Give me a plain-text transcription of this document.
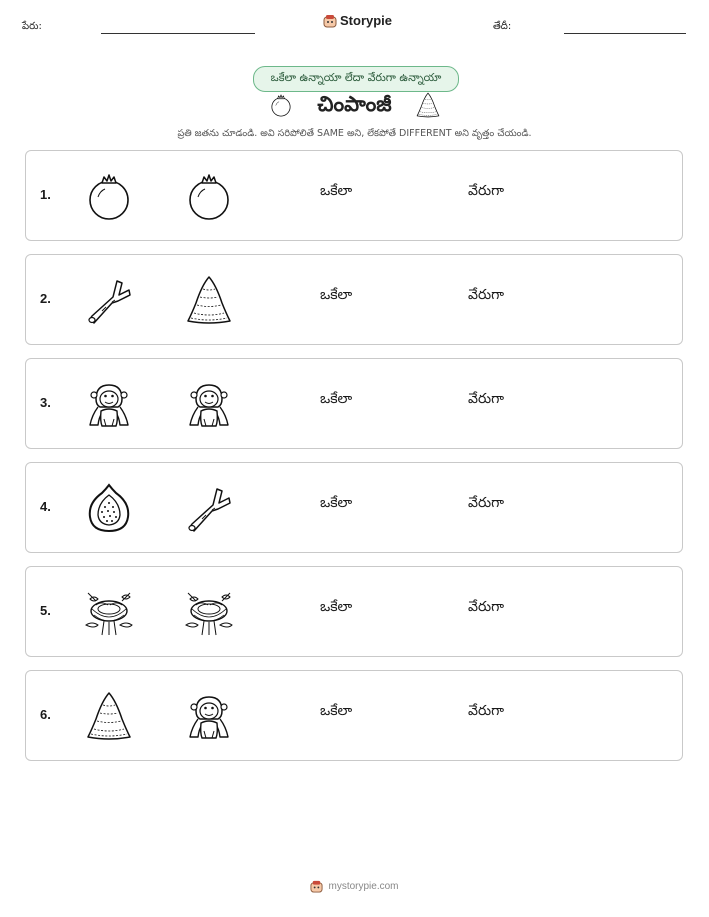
పేరు:	Storypie	తేదీ:
ఒకేలా ఉన్నాయా లేదా వేరుగా ఉన్నాయా
చింపాంజీ
ప్రతి జతను చూడండి. అవి సరిపోలితే SAME అని, లేకపోతే DIFFERENT అని వృత్తం చేయండి.
1.	ఒకేలా	వేరుగా
2.	ఒకేలా	వేరుగా
3.	ఒకేలా	వేరుగా
4.	ఒకేలా	వేరుగా
5.	ఒకేలా	వేరుగా
6.	ఒకేలా	వేరుగా
mystorypie.com
